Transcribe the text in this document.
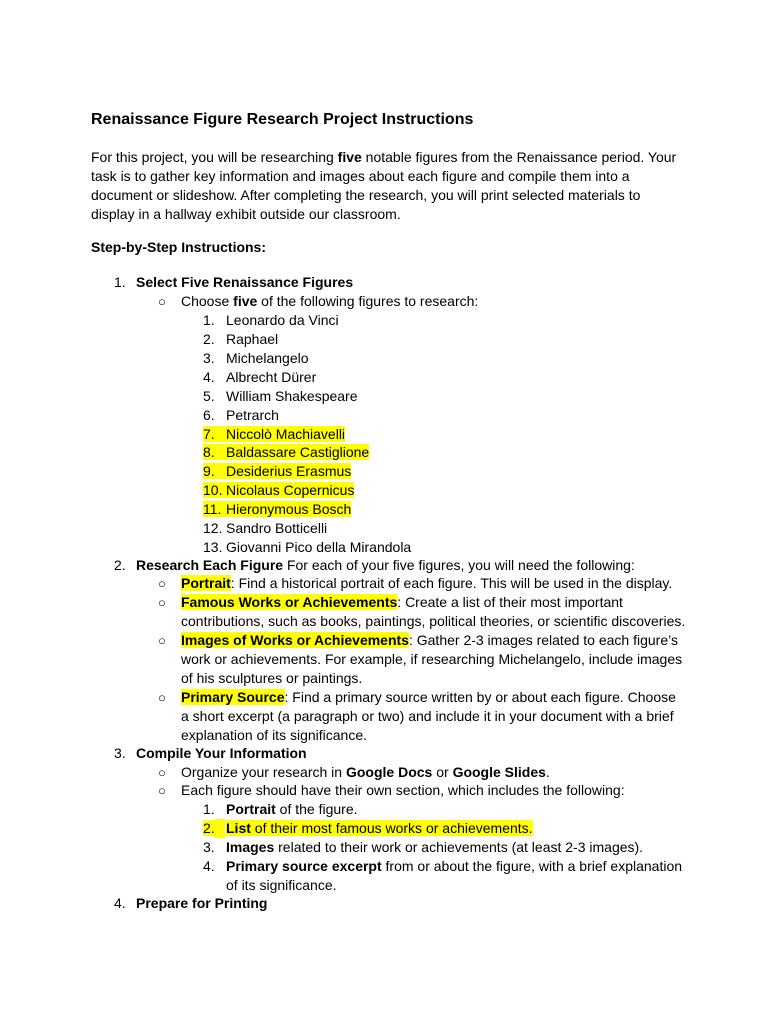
Renaissance Figure Research Project Instructions
For this project, you will be researching five notable figures from the Renaissance period. Your
task is to gather key information and images about each figure and compile them into a
document or slideshow. After completing the research, you will print selected materials to
display in a hallway exhibit outside our classroom.
Step-by-Step Instructions:
1. Select Five Renaissance Figures
○ Choose five of the following figures to research:
1. Leonardo da Vinci
2. Raphael
3. Michelangelo
4. Albrecht Dürer
5. William Shakespeare
6. Petrarch
7. Niccolò Machiavelli
8. Baldassare Castiglione
9. Desiderius Erasmus
10. Nicolaus Copernicus
11. Hieronymous Bosch
12. Sandro Botticelli
13. Giovanni Pico della Mirandola
2. Research Each Figure For each of your five figures, you will need the following:
○ Portrait: Find a historical portrait of each figure. This will be used in the display.
○ Famous Works or Achievements: Create a list of their most important
contributions, such as books, paintings, political theories, or scientific discoveries.
○ Images of Works or Achievements: Gather 2-3 images related to each figure’s
work or achievements. For example, if researching Michelangelo, include images
of his sculptures or paintings.
○ Primary Source: Find a primary source written by or about each figure. Choose
a short excerpt (a paragraph or two) and include it in your document with a brief
explanation of its significance.
3. Compile Your Information
○ Organize your research in Google Docs or Google Slides.
○ Each figure should have their own section, which includes the following:
1. Portrait of the figure.
2. List of their most famous works or achievements.
3. Images related to their work or achievements (at least 2-3 images).
4. Primary source excerpt from or about the figure, with a brief explanation
of its significance.
4. Prepare for Printing
